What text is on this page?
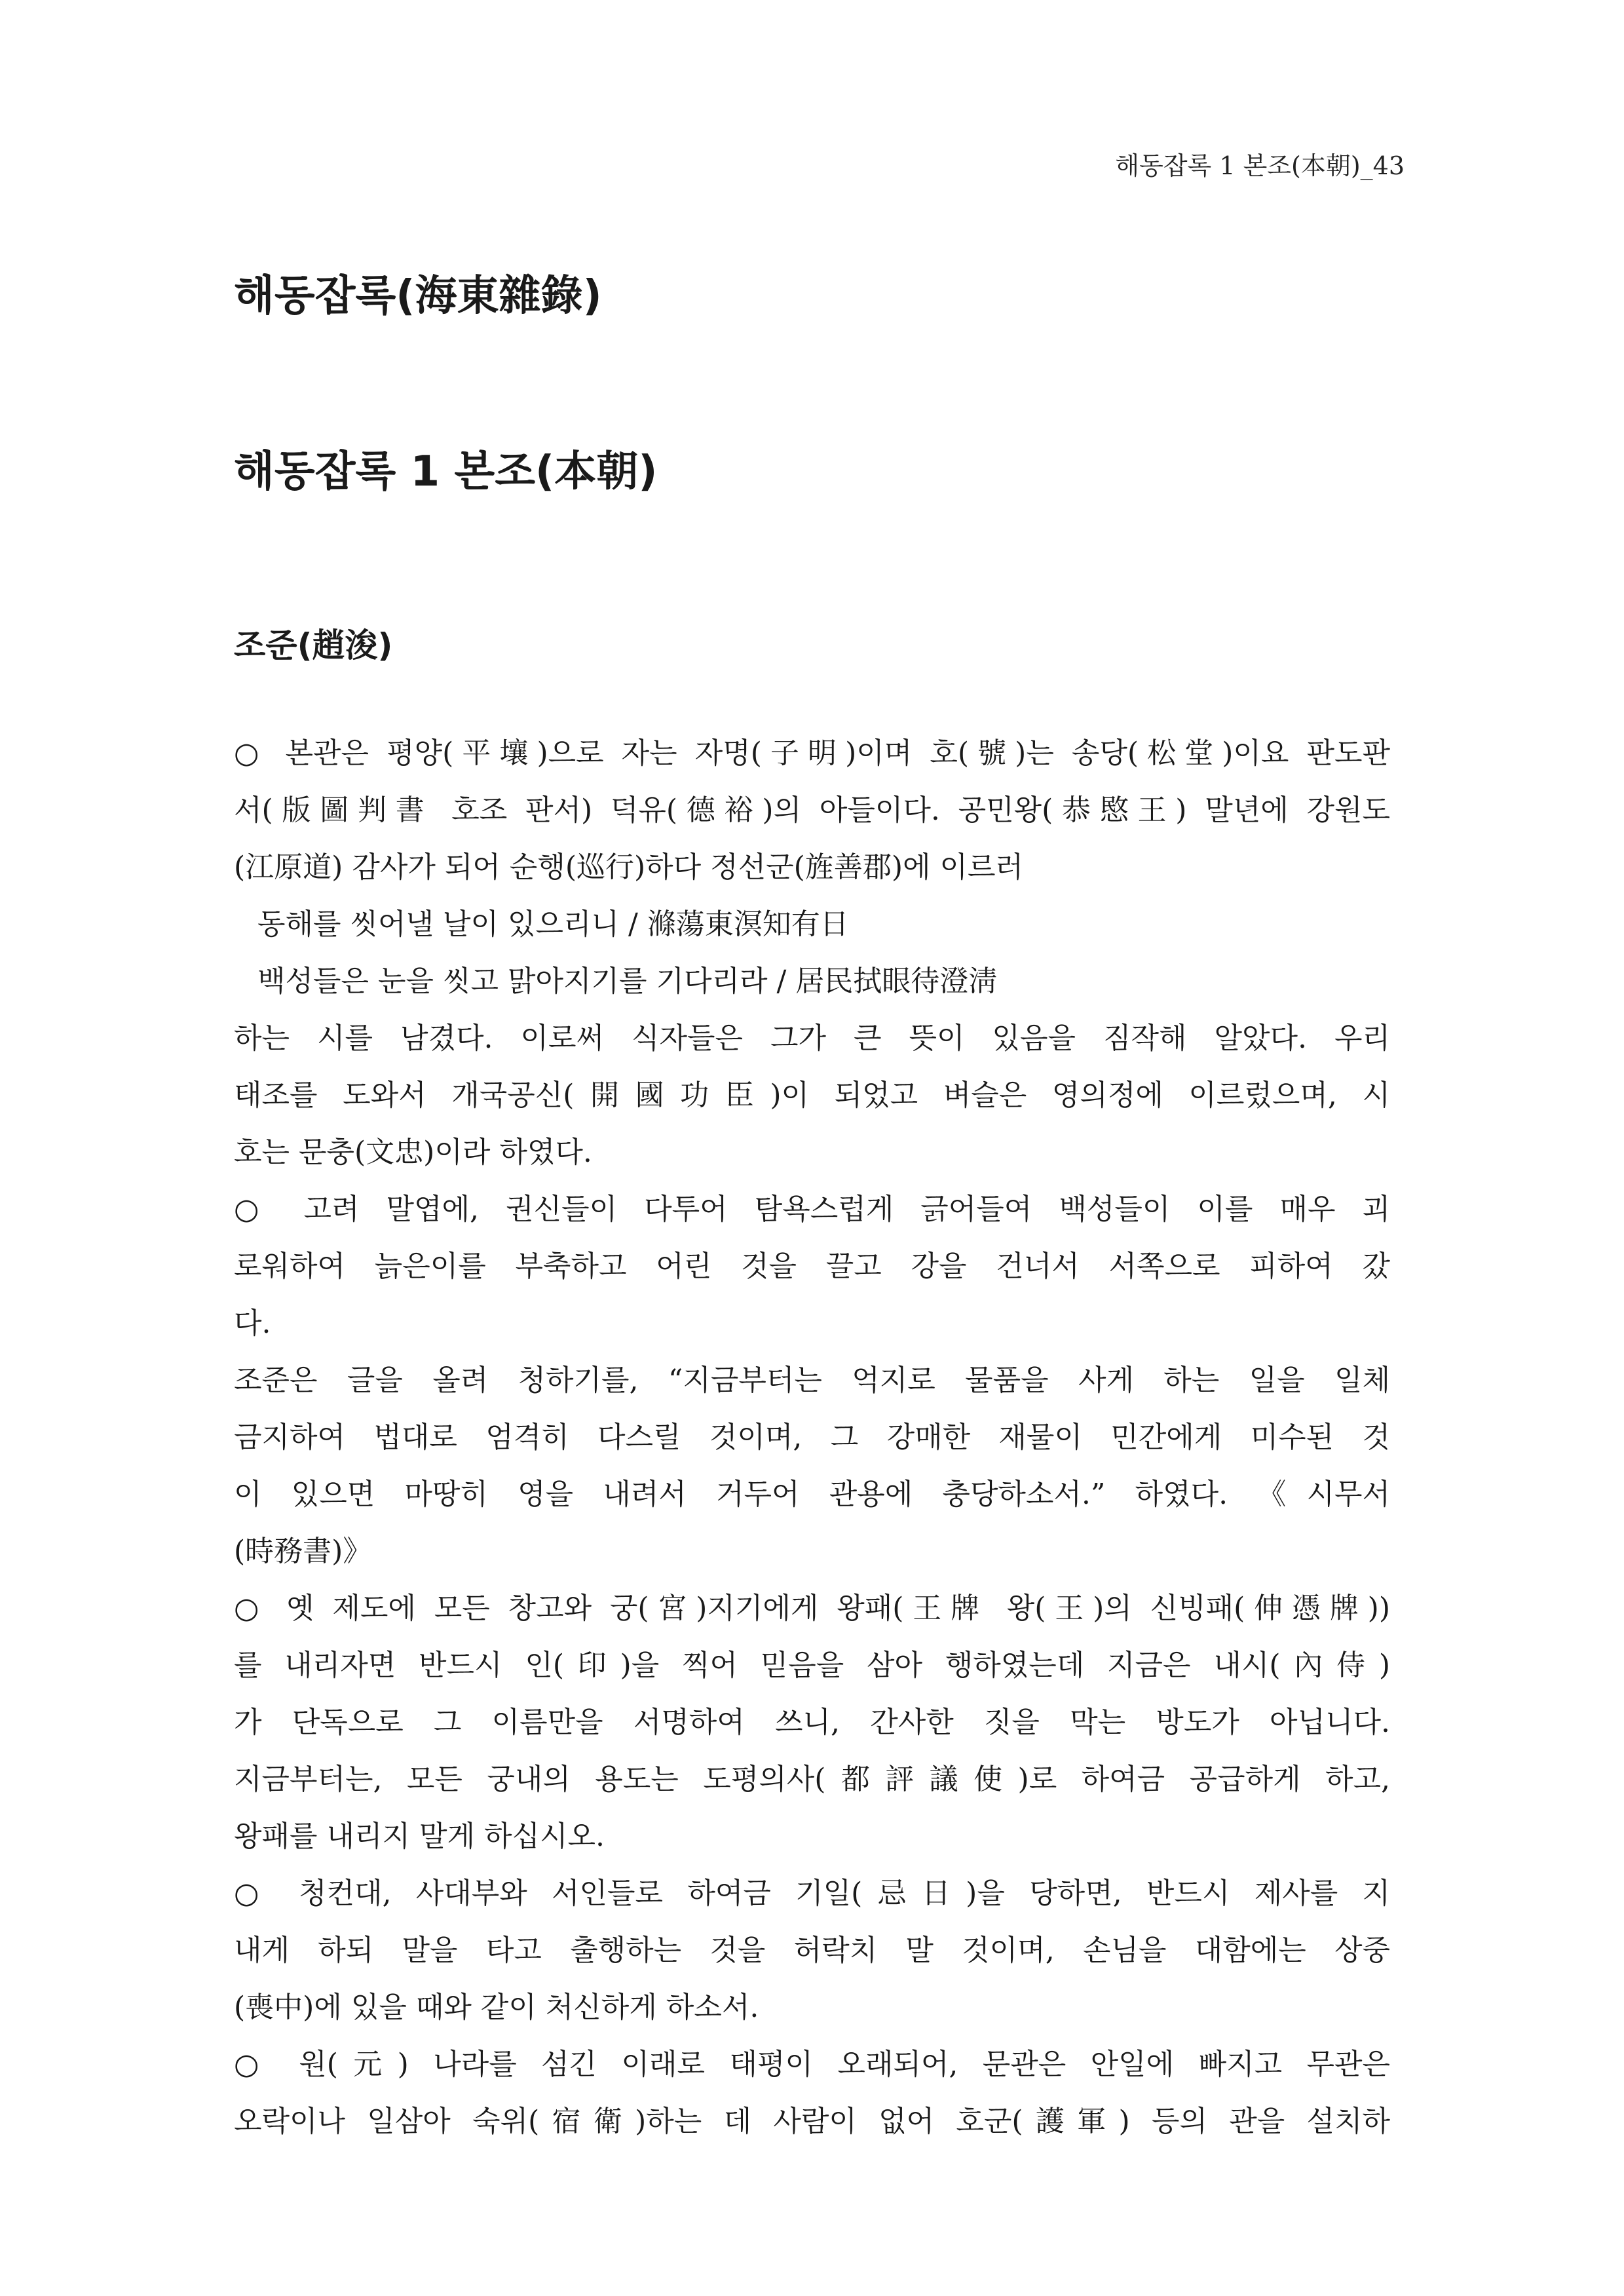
해동잡록 1 본조(本朝)_43
해동잡록(海東雜錄)
해동잡록 1 본조(本朝)
조준(趙浚)
○ 본관은 평양(平壤)으로 자는 자명(子明)이며 호(號)는 송당(松堂)이요 판도판
서(版圖判書 호조 판서) 덕유(德裕)의 아들이다. 공민왕(恭愍王) 말년에 강원도
(江原道) 감사가 되어 순행(巡行)하다 정선군(旌善郡)에 이르러
동해를 씻어낼 날이 있으리니 / 滌蕩東溟知有日
백성들은 눈을 씻고 맑아지기를 기다리라 / 居民拭眼待澄淸
하는 시를 남겼다. 이로써 식자들은 그가 큰 뜻이 있음을 짐작해 알았다. 우리
태조를 도와서 개국공신(開國功臣)이 되었고 벼슬은 영의정에 이르렀으며, 시
호는 문충(文忠)이라 하였다.
○ 고려 말엽에, 권신들이 다투어 탐욕스럽게 긁어들여 백성들이 이를 매우 괴
로워하여 늙은이를 부축하고 어린 것을 끌고 강을 건너서 서쪽으로 피하여 갔
다.
조준은 글을 올려 청하기를, “지금부터는 억지로 물품을 사게 하는 일을 일체
금지하여 법대로 엄격히 다스릴 것이며, 그 강매한 재물이 민간에게 미수된 것
이 있으면 마땅히 영을 내려서 거두어 관용에 충당하소서.” 하였다. 《시무서
(時務書)》
○ 옛 제도에 모든 창고와 궁(宮)지기에게 왕패(王牌 왕(王)의 신빙패(伸憑牌))
를 내리자면 반드시 인(印)을 찍어 믿음을 삼아 행하였는데 지금은 내시(內侍)
가 단독으로 그 이름만을 서명하여 쓰니, 간사한 짓을 막는 방도가 아닙니다.
지금부터는, 모든 궁내의 용도는 도평의사(都評議使)로 하여금 공급하게 하고,
왕패를 내리지 말게 하십시오.
○ 청컨대, 사대부와 서인들로 하여금 기일(忌日)을 당하면, 반드시 제사를 지
내게 하되 말을 타고 출행하는 것을 허락치 말 것이며, 손님을 대함에는 상중
(喪中)에 있을 때와 같이 처신하게 하소서.
○ 원(元) 나라를 섬긴 이래로 태평이 오래되어, 문관은 안일에 빠지고 무관은
오락이나 일삼아 숙위(宿衛)하는 데 사람이 없어 호군(護軍) 등의 관을 설치하
